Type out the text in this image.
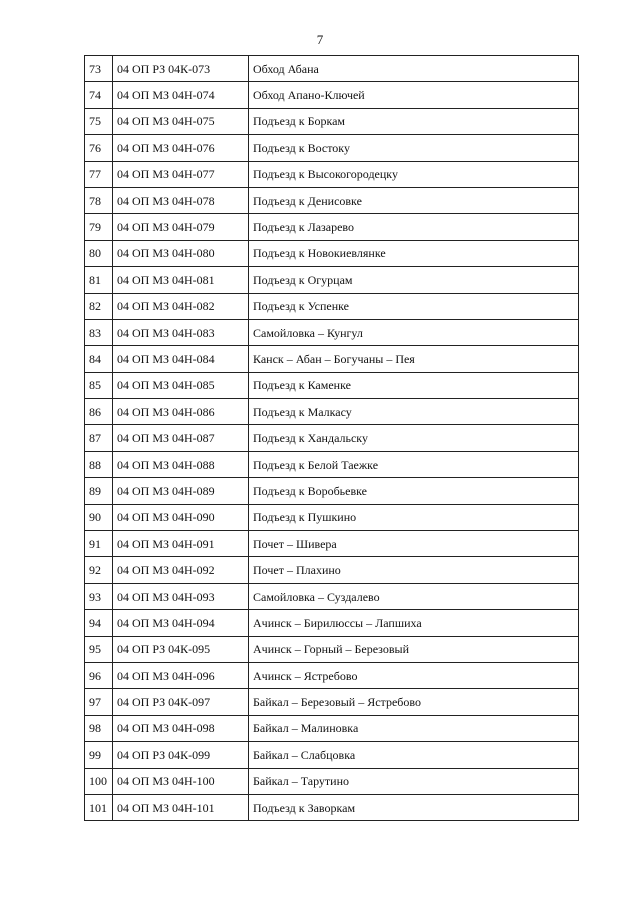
7
73	04 ОП РЗ 04К-073	Обход Абана
74	04 ОП МЗ 04Н-074	Обход Апано-Ключей
75	04 ОП МЗ 04Н-075	Подъезд к Боркам
76	04 ОП МЗ 04Н-076	Подъезд к Востоку
77	04 ОП МЗ 04Н-077	Подъезд к Высокогородецку
78	04 ОП МЗ 04Н-078	Подъезд к Денисовке
79	04 ОП МЗ 04Н-079	Подъезд к Лазарево
80	04 ОП МЗ 04Н-080	Подъезд к Новокиевлянке
81	04 ОП МЗ 04Н-081	Подъезд к Огурцам
82	04 ОП МЗ 04Н-082	Подъезд к Успенке
83	04 ОП МЗ 04Н-083	Самойловка – Кунгул
84	04 ОП МЗ 04Н-084	Канск – Абан – Богучаны – Пея
85	04 ОП МЗ 04Н-085	Подъезд к Каменке
86	04 ОП МЗ 04Н-086	Подъезд к Малкасу
87	04 ОП МЗ 04Н-087	Подъезд к Хандальску
88	04 ОП МЗ 04Н-088	Подъезд к Белой Таежке
89	04 ОП МЗ 04Н-089	Подъезд к Воробьевке
90	04 ОП МЗ 04Н-090	Подъезд к Пушкино
91	04 ОП МЗ 04Н-091	Почет – Шивера
92	04 ОП МЗ 04Н-092	Почет – Плахино
93	04 ОП МЗ 04Н-093	Самойловка – Суздалево
94	04 ОП МЗ 04Н-094	Ачинск – Бирилюссы – Лапшиха
95	04 ОП РЗ 04К-095	Ачинск – Горный – Березовый
96	04 ОП МЗ 04Н-096	Ачинск – Ястребово
97	04 ОП РЗ 04К-097	Байкал – Березовый – Ястребово
98	04 ОП МЗ 04Н-098	Байкал – Малиновка
99	04 ОП РЗ 04К-099	Байкал – Слабцовка
100	04 ОП МЗ 04Н-100	Байкал – Тарутино
101	04 ОП МЗ 04Н-101	Подъезд к Заворкам
